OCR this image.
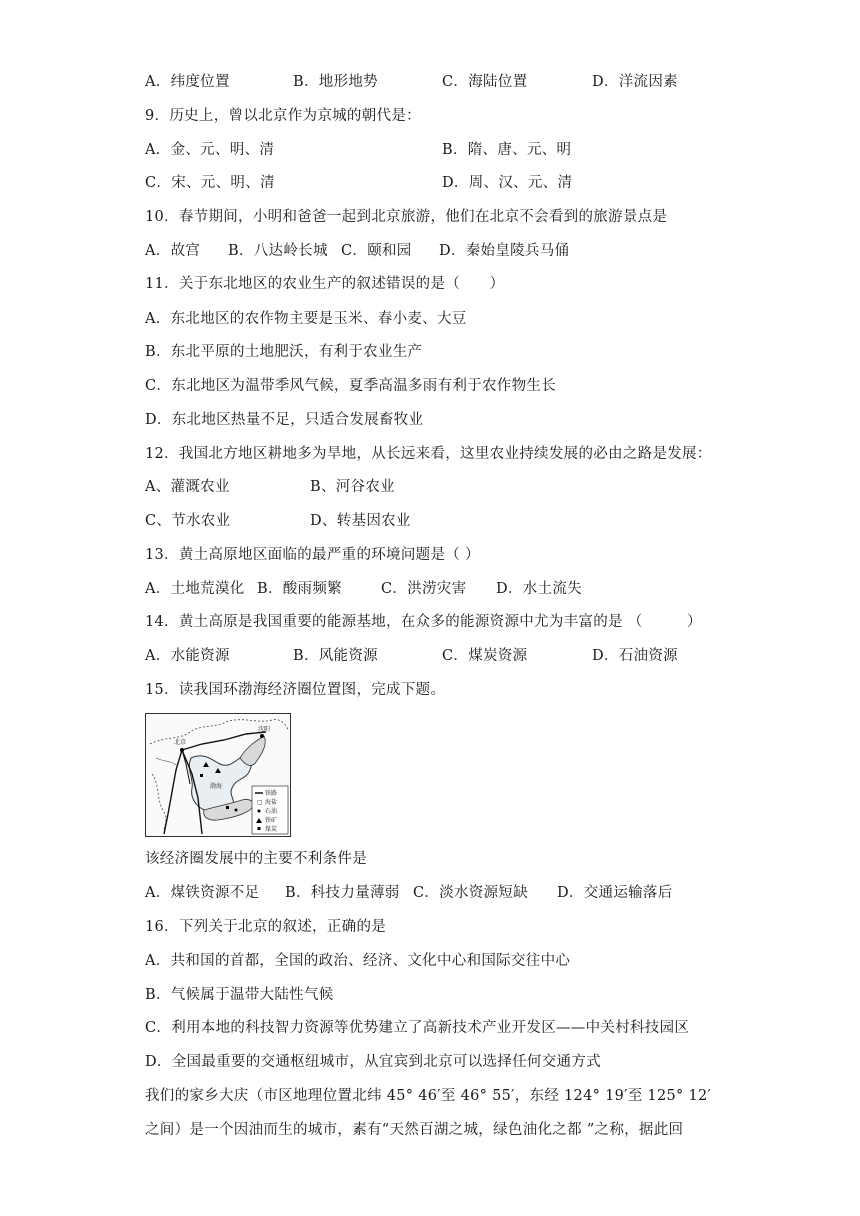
A．纬度位置	B．地形地势	C．海陆位置	D．洋流因素
9．历史上，曾以北京作为京城的朝代是：
A．金、元、明、清	B．隋、唐、元、明
C．宋、元、明、清	D．周、汉、元、清
10．春节期间，小明和爸爸一起到北京旅游，他们在北京不会看到的旅游景点是
A．故宫 B．八达岭长城 C．颐和园 D．秦始皇陵兵马俑
11．关于东北地区的农业生产的叙述错误的是（　　）
A．东北地区的农作物主要是玉米、春小麦、大豆
B．东北平原的土地肥沃，有利于农业生产
C．东北地区为温带季风气候，夏季高温多雨有利于农作物生长
D．东北地区热量不足，只适合发展畜牧业
12．我国北方地区耕地多为旱地，从长远来看，这里农业持续发展的必由之路是发展：
A、灌溉农业	B、河谷农业
C、节水农业	D、转基因农业
13．黄土高原地区面临的最严重的环境问题是（ ）
A．土地荒漠化 B．酸雨频繁	C．洪涝灾害 D．水土流失
14．黄土高原是我国重要的能源基地，在众多的能源资源中尤为丰富的是 （　　　）
A．水能资源	B．风能资源	C．煤炭资源	D．石油资源
15．读我国环渤海经济圈位置图，完成下题。
北京
沈阳
渤海
铁路
▢ 海盐
石油
铁矿
煤炭
该经济圈发展中的主要不利条件是
A．煤铁资源不足 B．科技力量薄弱 C．淡水资源短缺 D．交通运输落后
16．下列关于北京的叙述，正确的是
A．共和国的首都，全国的政治、经济、文化中心和国际交往中心
B．气候属于温带大陆性气候
C．利用本地的科技智力资源等优势建立了高新技术产业开发区——中关村科技园区
D．全国最重要的交通枢纽城市，从宜宾到北京可以选择任何交通方式
我们的家乡大庆（市区地理位置北纬 45° 46′至 46° 55′，东经 124° 19′至 125° 12′
之间）是一个因油而生的城市，素有“天然百湖之城，绿色油化之都 ”之称，据此回
